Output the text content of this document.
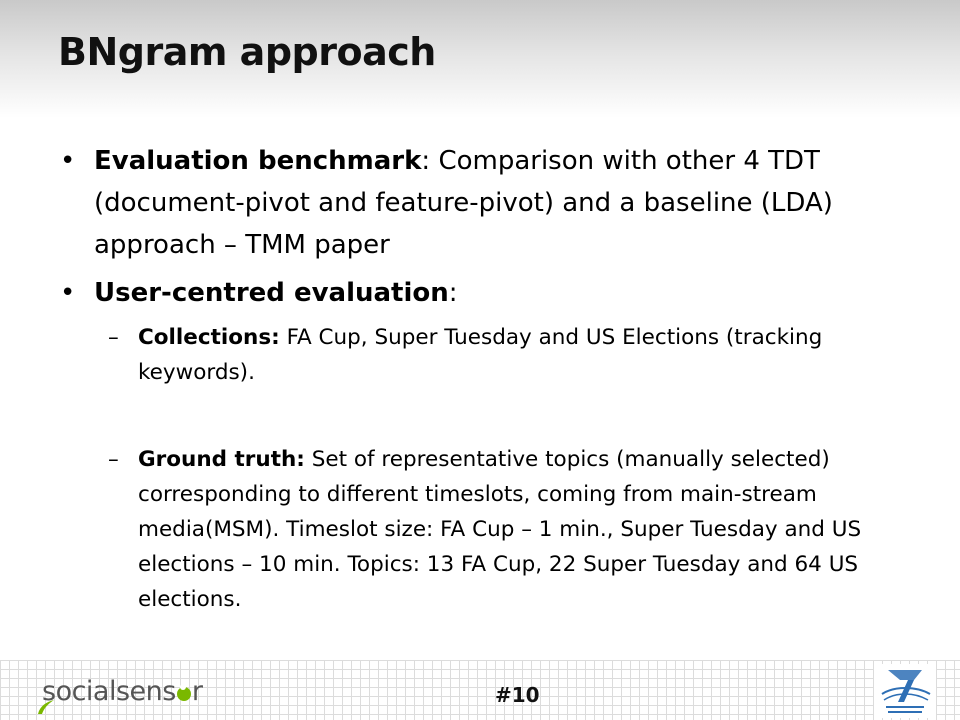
BNgram approach
• Evaluation benchmark: Comparison with other 4 TDT (document-pivot and feature-pivot) and a baseline (LDA) approach – TMM paper
• User-centred evaluation:
– Collections: FA Cup, Super Tuesday and US Elections (tracking keywords).
– Ground truth: Set of representative topics (manually selected) corresponding to different timeslots, coming from main-stream media(MSM). Timeslot size: FA Cup – 1 min., Super Tuesday and US elections – 10 min. Topics: 13 FA Cup, 22 Super Tuesday and 64 US elections.
socialsens r	#10
